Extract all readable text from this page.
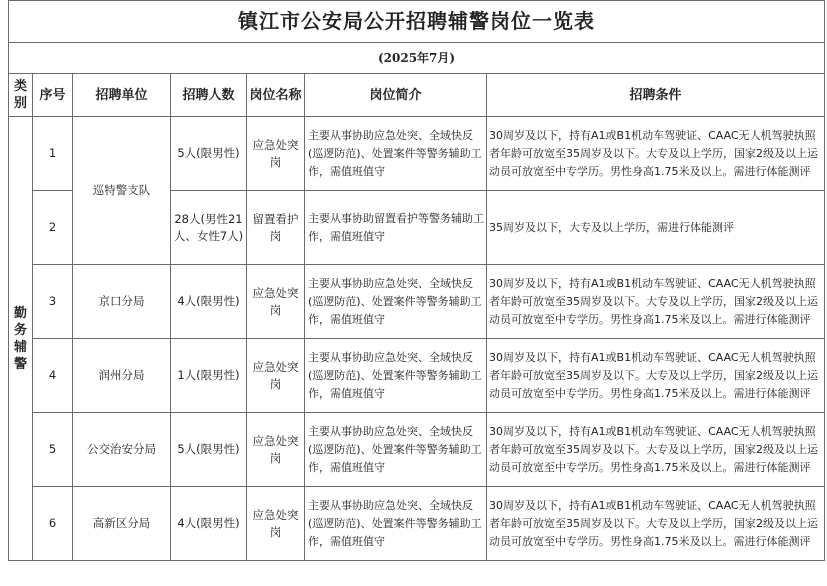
镇江市公安局公开招聘辅警岗位一览表						
(2025年7月)						
类别	序号	招聘单位	招聘人数	岗位名称	岗位简介	招聘条件
勤务辅警	1	巡特警支队	5人(限男性)	应急处突岗	主要从事协助应急处突、全域快反(巡逻防范)、处置案件等警务辅助工作，需值班值守	30周岁及以下，持有A1或B1机动车驾驶证、CAAC无人机驾驶执照者年龄可放宽至35周岁及以下。大专及以上学历，国家2级及以上运动员可放宽至中专学历。男性身高1.75米及以上。需进行体能测评
	2		28人(男性21人、女性7人)	留置看护岗	主要从事协助留置看护等警务辅助工作，需值班值守	35周岁及以下，大专及以上学历，需进行体能测评
	3	京口分局	4人(限男性)	应急处突岗	主要从事协助应急处突、全域快反(巡逻防范)、处置案件等警务辅助工作，需值班值守	30周岁及以下，持有A1或B1机动车驾驶证、CAAC无人机驾驶执照者年龄可放宽至35周岁及以下。大专及以上学历，国家2级及以上运动员可放宽至中专学历。男性身高1.75米及以上。需进行体能测评
	4	润州分局	1人(限男性)	应急处突岗	主要从事协助应急处突、全域快反(巡逻防范)、处置案件等警务辅助工作，需值班值守	30周岁及以下，持有A1或B1机动车驾驶证、CAAC无人机驾驶执照者年龄可放宽至35周岁及以下。大专及以上学历，国家2级及以上运动员可放宽至中专学历。男性身高1.75米及以上。需进行体能测评
	5	公交治安分局	5人(限男性)	应急处突岗	主要从事协助应急处突、全域快反(巡逻防范)、处置案件等警务辅助工作，需值班值守	30周岁及以下，持有A1或B1机动车驾驶证、CAAC无人机驾驶执照者年龄可放宽至35周岁及以下。大专及以上学历，国家2级及以上运动员可放宽至中专学历。男性身高1.75米及以上。需进行体能测评
	6	高新区分局	4人(限男性)	应急处突岗	主要从事协助应急处突、全域快反(巡逻防范)、处置案件等警务辅助工作，需值班值守	30周岁及以下，持有A1或B1机动车驾驶证、CAAC无人机驾驶执照者年龄可放宽至35周岁及以下。大专及以上学历，国家2级及以上运动员可放宽至中专学历。男性身高1.75米及以上。需进行体能测评
